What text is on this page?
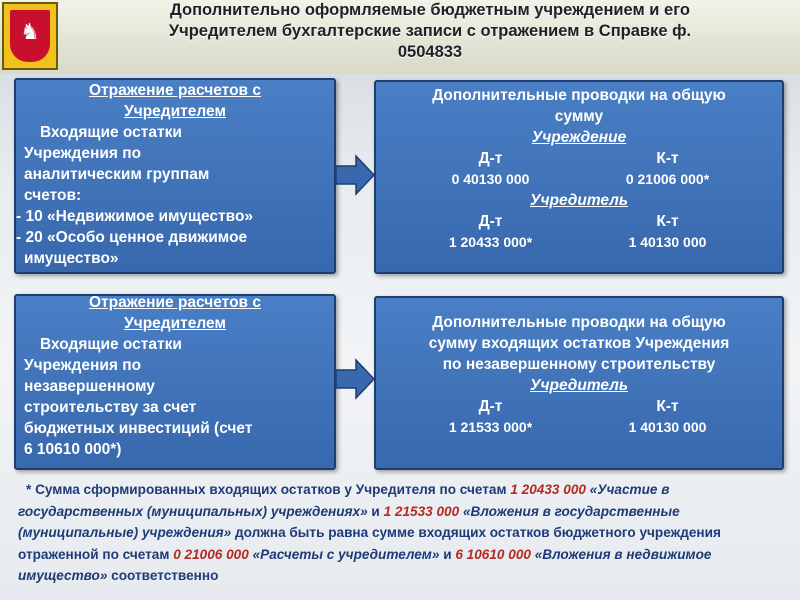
♞
Дополнительно оформляемые бюджетным учреждением и его
Учредителем бухгалтерские записи с отражением в Справке ф.
0504833
Отражение расчетов с
Учредителем
Входящие остатки
Учреждения по
аналитическим группам
счетов:
- 10 «Недвижимое имущество»
- 20 «Особо ценное движимое
имущество»
Дополнительные проводки на общую
сумму
Учреждение
Д-т	К-т
0 40130 000	0 21006 000*
Учредитель
Д-т	К-т
1 20433 000*	1 40130 000
Отражение расчетов с
Учредителем
Входящие остатки
Учреждения по
незавершенному
строительству за счет
бюджетных инвестиций (счет
6 10610 000*)
Дополнительные проводки на общую
сумму входящих остатков Учреждения
по незавершенному строительству
Учредитель
Д-т	К-т
1 21533 000*	1 40130 000
* Сумма сформированных входящих остатков у Учредителя по счетам 1 20433 000 «Участие в государственных (муниципальных) учреждениях» и 1 21533 000 «Вложения в государственные (муниципальные) учреждения» должна быть равна сумме входящих остатков бюджетного учреждения отраженной по счетам 0 21006 000 «Расчеты с учредителем» и 6 10610 000 «Вложения в недвижимое имущество» соответственно
